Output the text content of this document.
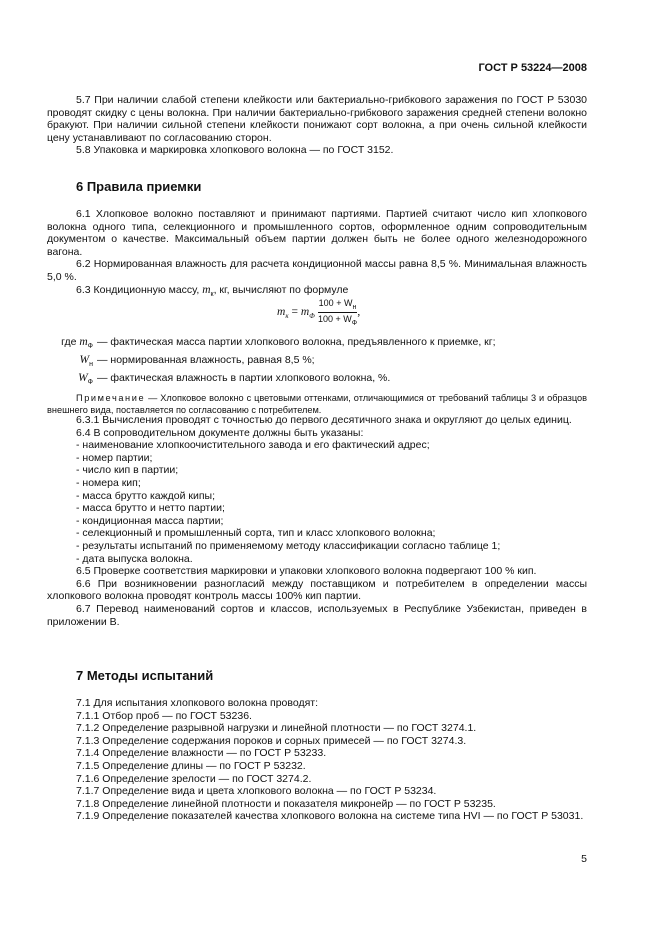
ГОСТ Р 53224—2008

5.7 При наличии слабой степени клейкости или бактериально-грибкового заражения по ГОСТ Р 53030 проводят скидку с цены волокна. При наличии бактериально-грибкового заражения средней степени волокно бракуют. При наличии сильной степени клейкости понижают сорт волокна, а при очень сильной клейкости цену устанавливают по согласованию сторон.

5.8 Упаковка и маркировка хлопкового волокна — по ГОСТ 3152.

6 Правила приемки

6.1 Хлопковое волокно поставляют и принимают партиями. Партией считают число кип хлопкового волокна одного типа, селекционного и промышленного сортов, оформленное одним сопроводительным документом о качестве. Максимальный объем партии должен быть не более одного железнодорожного вагона.

6.2 Нормированная влажность для расчета кондиционной массы равна 8,5 %. Минимальная влажность 5,0 %.

6.3 Кондиционную массу, $m_к$, кг, вычисляют по формуле

$m_к = m_Ф \frac{100 + W_н}{100 + W_Ф}$ ,
где $m_Ф$ — фактическая масса партии хлопкового волокна, предъявленного к приемке, кг;
$W_н$ — нормированная влажность, равная 8,5 %;
$W_Ф$ — фактическая влажность в партии хлопкового волокна, %.

Примечание — Хлопковое волокно с цветовыми оттенками, отличающимися от требований таблицы 3 и образцов внешнего вида, поставляется по согласованию с потребителем.

6.3.1 Вычисления проводят с точностью до первого десятичного знака и округляют до целых единиц.

6.4 В сопроводительном документе должны быть указаны:

- наименование хлопкоочистительного завода и его фактический адрес;
- номер партии;
- число кип в партии;
- номера кип;
- масса брутто каждой кипы;
- масса брутто и нетто партии;
- кондиционная масса партии;
- селекционный и промышленный сорта, тип и класс хлопкового волокна;
- результаты испытаний по применяемому методу классификации согласно таблице 1;
- дата выпуска волокна.

6.5 Проверке соответствия маркировки и упаковки хлопкового волокна подвергают 100 % кип.

6.6 При возникновении разногласий между поставщиком и потребителем в определении массы хлопкового волокна проводят контроль массы 100% кип партии.

6.7 Перевод наименований сортов и классов, используемых в Республике Узбекистан, приведен в приложении В.

7 Методы испытаний

7.1 Для испытания хлопкового волокна проводят:
7.1.1 Отбор проб — по ГОСТ 53236.
7.1.2 Определение разрывной нагрузки и линейной плотности — по ГОСТ 3274.1.
7.1.3 Определение содержания пороков и сорных примесей — по ГОСТ 3274.3.
7.1.4 Определение влажности — по ГОСТ Р 53233.
7.1.5 Определение длины — по ГОСТ Р 53232.
7.1.6 Определение зрелости — по ГОСТ 3274.2.
7.1.7 Определение вида и цвета хлопкового волокна — по ГОСТ Р 53234.
7.1.8 Определение линейной плотности и показателя микронейр — по ГОСТ Р 53235.

7.1.9 Определение показателей качества хлопкового волокна на системе типа HVI — по ГОСТ Р 53031.

5
